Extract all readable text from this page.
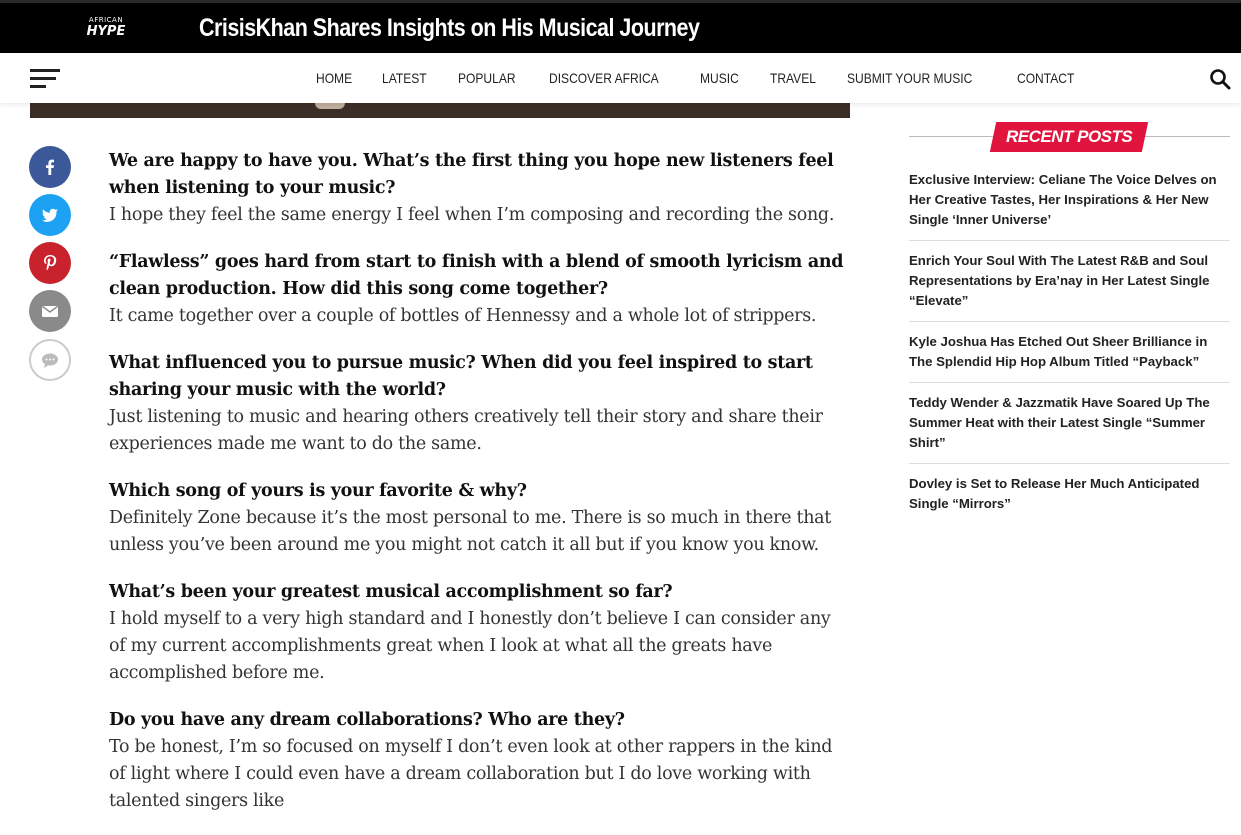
AFRICAN
HYPE	CrisisKhan Shares Insights on His Musical Journey
HOME LATEST POPULAR DISCOVER AFRICA	MUSIC TRAVEL SUBMIT YOUR MUSIC	CONTACT

We are happy to have you. What’s the first thing you hope new listeners feel when listening to your music?

I hope they feel the same energy I feel when I’m composing and recording the song.

“Flawless” goes hard from start to finish with a blend of smooth lyricism and clean production. How did this song come together?

It came together over a couple of bottles of Hennessy and a whole lot of strippers.

What influenced you to pursue music? When did you feel inspired to start sharing your music with the world?

Just listening to music and hearing others creatively tell their story and share their experiences made me want to do the same.

Which song of yours is your favorite & why?

Definitely Zone because it’s the most personal to me. There is so much in there that unless you’ve been around me you might not catch it all but if you know you know.

What’s been your greatest musical accomplishment so far?

I hold myself to a very high standard and I honestly don’t believe I can consider any of my current accomplishments great when I look at what all the greats have accomplished before me.

Do you have any dream collaborations? Who are they?

To be honest, I’m so focused on myself I don’t even look at other rappers in the kind of light where I could even have a dream collaboration but I do love working with talented singers like

RECENT POSTS
Exclusive Interview: Celiane The Voice Delves on Her Creative Tastes, Her Inspirations & Her New Single ‘Inner Universe’
Enrich Your Soul With The Latest R&B and Soul Representations by Era’nay in Her Latest Single “Elevate”
Kyle Joshua Has Etched Out Sheer Brilliance in The Splendid Hip Hop Album Titled “Payback”
Teddy Wender & Jazzmatik Have Soared Up The Summer Heat with their Latest Single “Summer Shirt”
Dovley is Set to Release Her Much Anticipated Single “Mirrors”
